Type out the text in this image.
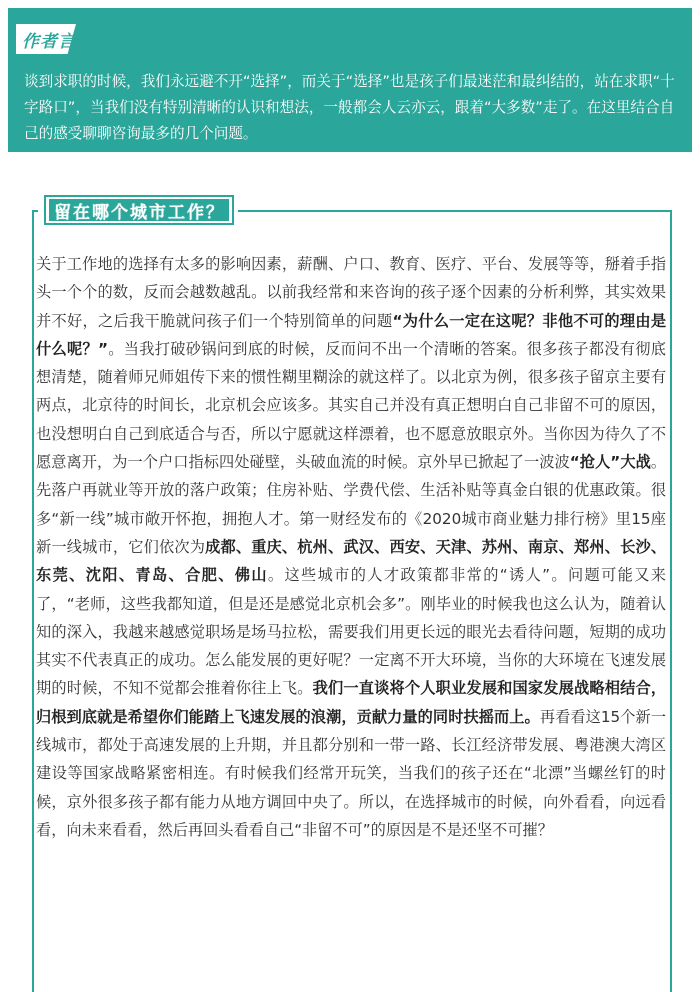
作者言
谈到求职的时候，我们永远避不开“选择”，而关于“选择”也是孩子们最迷茫和最纠结的，站在求职“十字路口”，当我们没有特别清晰的认识和想法，一般都会人云亦云，跟着“大多数”走了。在这里结合自己的感受聊聊咨询最多的几个问题。
留在哪个城市工作？
关于工作地的选择有太多的影响因素，薪酬、户口、教育、医疗、平台、发展等等，掰着手指头一个个的数，反而会越数越乱。以前我经常和来咨询的孩子逐个因素的分析利弊，其实效果并不好，之后我干脆就问孩子们一个特别简单的问题“为什么一定在这呢？非他不可的理由是什么呢？”。当我打破砂锅问到底的时候，反而问不出一个清晰的答案。很多孩子都没有彻底想清楚，随着师兄师姐传下来的惯性糊里糊涂的就这样了。以北京为例，很多孩子留京主要有两点，北京待的时间长，北京机会应该多。其实自己并没有真正想明白自己非留不可的原因，也没想明白自己到底适合与否，所以宁愿就这样漂着，也不愿意放眼京外。当你因为待久了不愿意离开，为一个户口指标四处碰壁，头破血流的时候。京外早已掀起了一波波“抢人”大战。先落户再就业等开放的落户政策；住房补贴、学费代偿、生活补贴等真金白银的优惠政策。很多“新一线”城市敞开怀抱，拥抱人才。第一财经发布的《2020城市商业魅力排行榜》里15座新一线城市，它们依次为成都、重庆、杭州、武汉、西安、天津、苏州、南京、郑州、长沙、东莞、沈阳、青岛、合肥、佛山。这些城市的人才政策都非常的“诱人”。问题可能又来了，“老师，这些我都知道，但是还是感觉北京机会多”。刚毕业的时候我也这么认为，随着认知的深入，我越来越感觉职场是场马拉松，需要我们用更长远的眼光去看待问题，短期的成功其实不代表真正的成功。怎么能发展的更好呢？一定离不开大环境，当你的大环境在飞速发展期的时候，不知不觉都会推着你往上飞。我们一直谈将个人职业发展和国家发展战略相结合，归根到底就是希望你们能踏上飞速发展的浪潮，贡献力量的同时扶摇而上。再看看这15个新一线城市，都处于高速发展的上升期，并且都分别和一带一路、长江经济带发展、粤港澳大湾区建设等国家战略紧密相连。有时候我们经常开玩笑，当我们的孩子还在“北漂”当螺丝钉的时候，京外很多孩子都有能力从地方调回中央了。所以，在选择城市的时候，向外看看，向远看看，向未来看看，然后再回头看看自己“非留不可”的原因是不是还坚不可摧？
